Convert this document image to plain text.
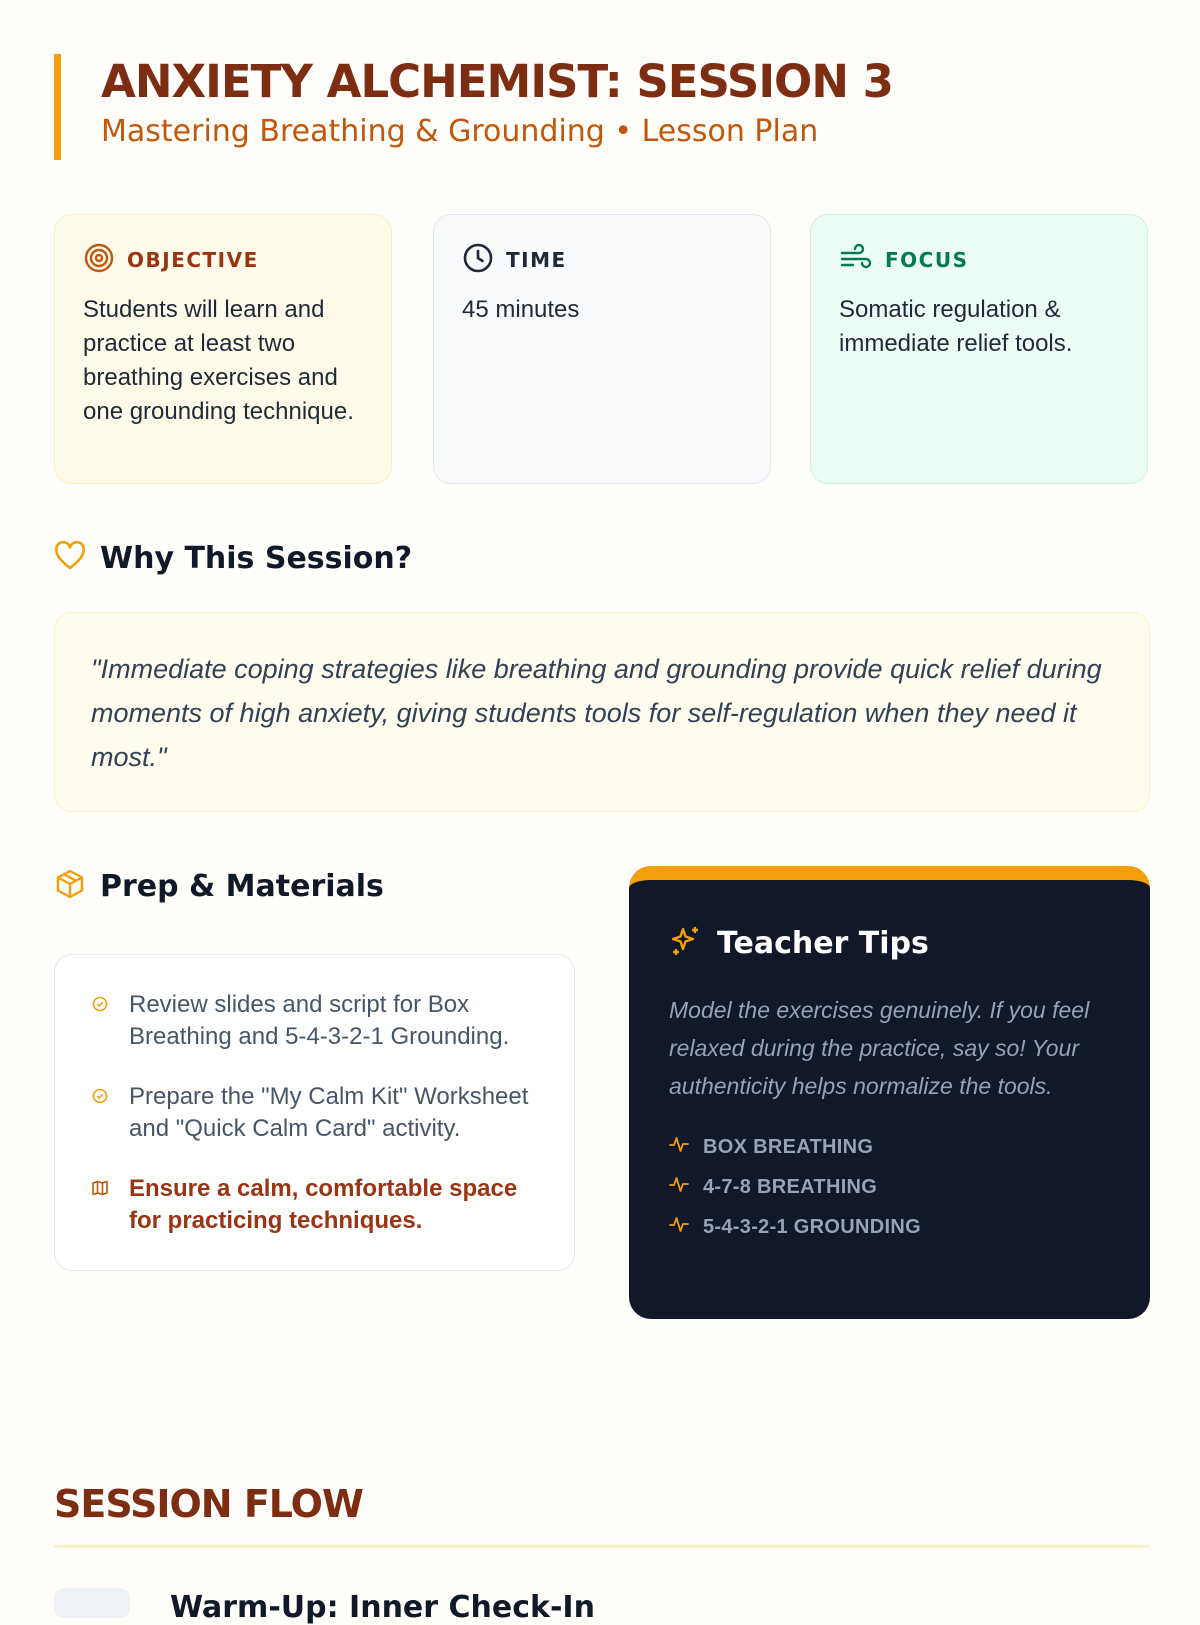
ANXIETY ALCHEMIST: SESSION 3
Mastering Breathing & Grounding • Lesson Plan
OBJECTIVE
Students will learn and practice at least two breathing exercises and one grounding technique.
TIME
45 minutes
FOCUS
Somatic regulation & immediate relief tools.
Why This Session?

"Immediate coping strategies like breathing and grounding provide quick relief during moments of high anxiety, giving students tools for self-regulation when they need it most."

Prep & Materials
Review slides and script for Box Breathing and 5-4-3-2-1 Grounding.
Prepare the "My Calm Kit" Worksheet and "Quick Calm Card" activity.
Ensure a calm, comfortable space for practicing techniques.
Teacher Tips

Model the exercises genuinely. If you feel relaxed during the practice, say so! Your authenticity helps normalize the tools.

BOX BREATHING
4-7-8 BREATHING
5-4-3-2-1 GROUNDING
SESSION FLOW
Warm-Up: Inner Check-In
